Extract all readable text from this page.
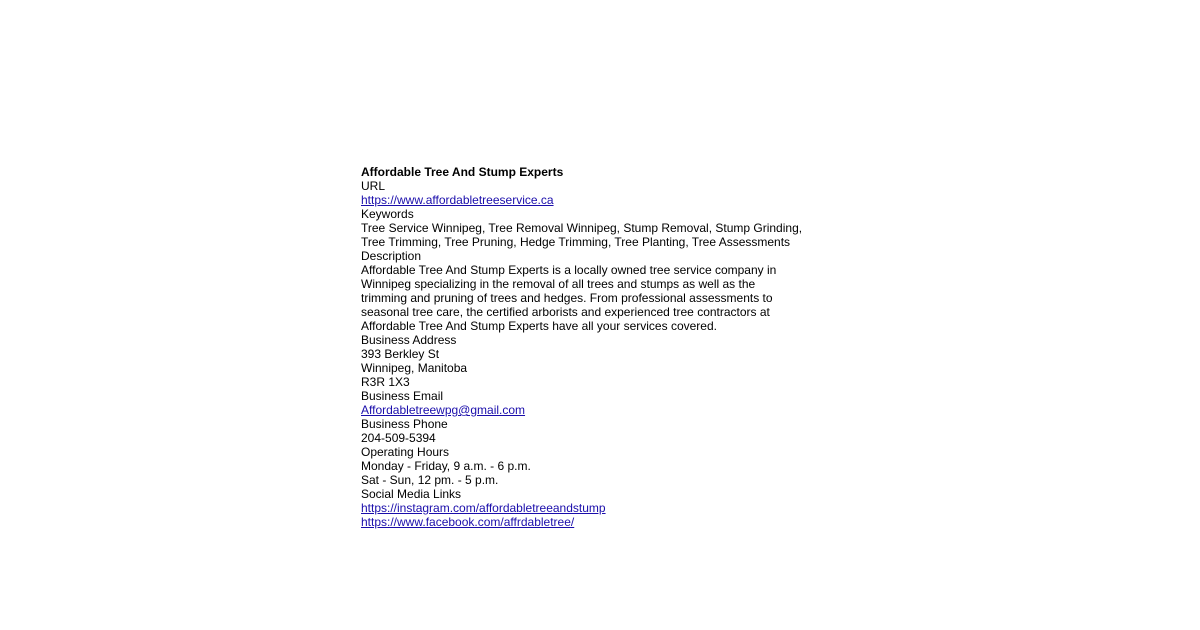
Affordable Tree And Stump Experts
URL
https://www.affordabletreeservice.ca
Keywords
Tree Service Winnipeg, Tree Removal Winnipeg, Stump Removal, Stump Grinding, Tree Trimming, Tree Pruning, Hedge Trimming, Tree Planting, Tree Assessments
Description
Affordable Tree And Stump Experts is a locally owned tree service company in Winnipeg specializing in the removal of all trees and stumps as well as the trimming and pruning of trees and hedges. From professional assessments to seasonal tree care, the certified arborists and experienced tree contractors at Affordable Tree And Stump Experts have all your services covered.
Business Address
393 Berkley St
Winnipeg, Manitoba
R3R 1X3
Business Email
Affordabletreewpg@gmail.com
Business Phone
204-509-5394
Operating Hours
Monday - Friday, 9 a.m. - 6 p.m.
Sat - Sun, 12 pm. - 5 p.m.
Social Media Links
https://instagram.com/affordabletreeandstump
https://www.facebook.com/affrdabletree/
